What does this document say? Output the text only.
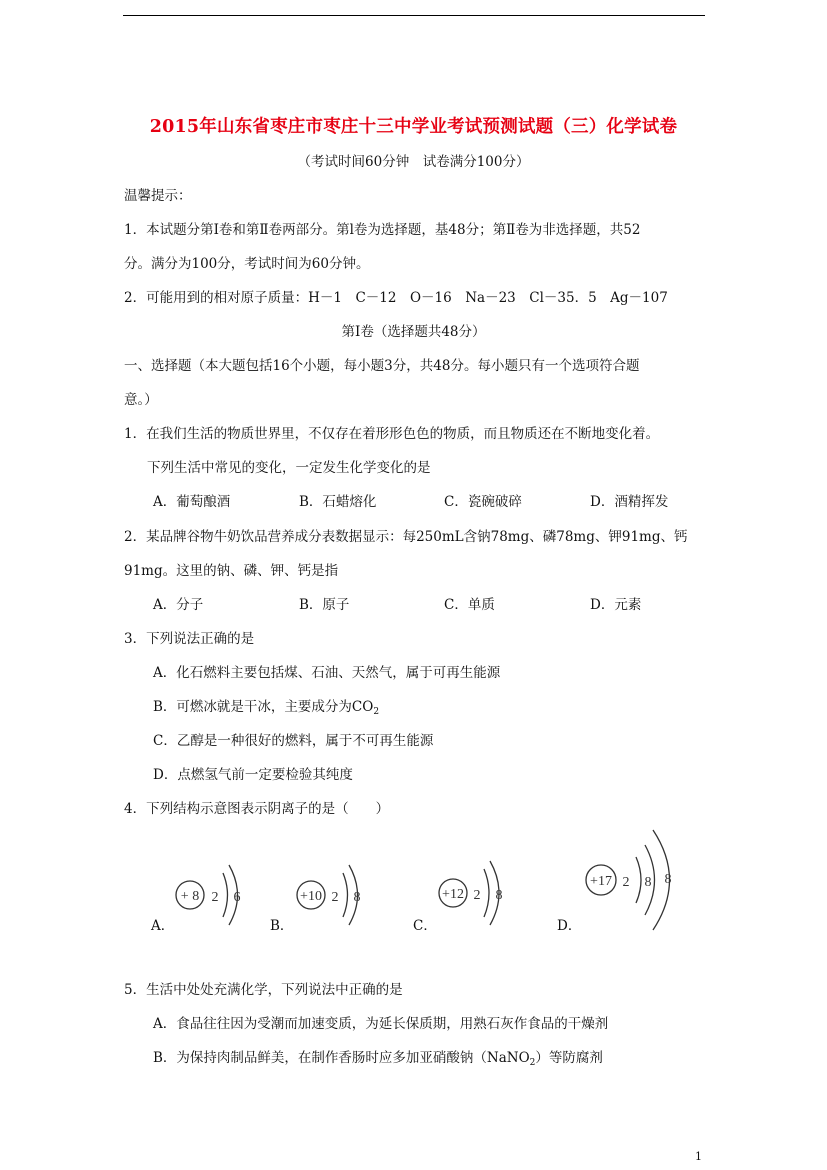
2015年山东省枣庄市枣庄十三中学业考试预测试题（三）化学试卷
（考试时间60分钟　试卷满分100分）
温馨提示：
1．本试题分第Ⅰ卷和第Ⅱ卷两部分。第l卷为选择题，基48分；第Ⅱ卷为非选择题，共52
分。满分为100分，考试时间为60分钟。
2．可能用到的相对原子质量：H－1　C－12　O－16　Na－23　Cl－35．5　Ag－107
第Ⅰ卷（选择题共48分）
一、选择题（本大题包括16个小题，每小题3分，共48分。每小题只有一个选项符合题
意。）
1．在我们生活的物质世界里，不仅存在着形形色色的物质，而且物质还在不断地变化着。
下列生活中常见的变化，一定发生化学变化的是
A．葡萄酿酒	B．石蜡熔化	C．瓷碗破碎	D．酒精挥发
2．某品牌谷物牛奶饮品营养成分表数据显示：每250mL含钠78mg、磷78mg、钾91mg、钙
91mg。这里的钠、磷、钾、钙是指
A．分子	B．原子	C．单质	D．元素
3．下列说法正确的是
A．化石燃料主要包括煤、石油、天然气，属于可再生能源
B．可燃冰就是干冰，主要成分为$CO_2$
C．乙醇是一种很好的燃料，属于不可再生能源
D．点燃氢气前一定要检验其纯度
4．下列结构示意图表示阴离子的是（　　）
+ 8 2 6	+10 2 8	+12 2 8
+17 2 8 8
A．	B．	C．	D．
5．生活中处处充满化学，下列说法中正确的是
A．食品往往因为受潮而加速变质，为延长保质期，用熟石灰作食品的干燥剂
B．为保持肉制品鲜美，在制作香肠时应多加亚硝酸钠（NaNO$_2$）等防腐剂
1
